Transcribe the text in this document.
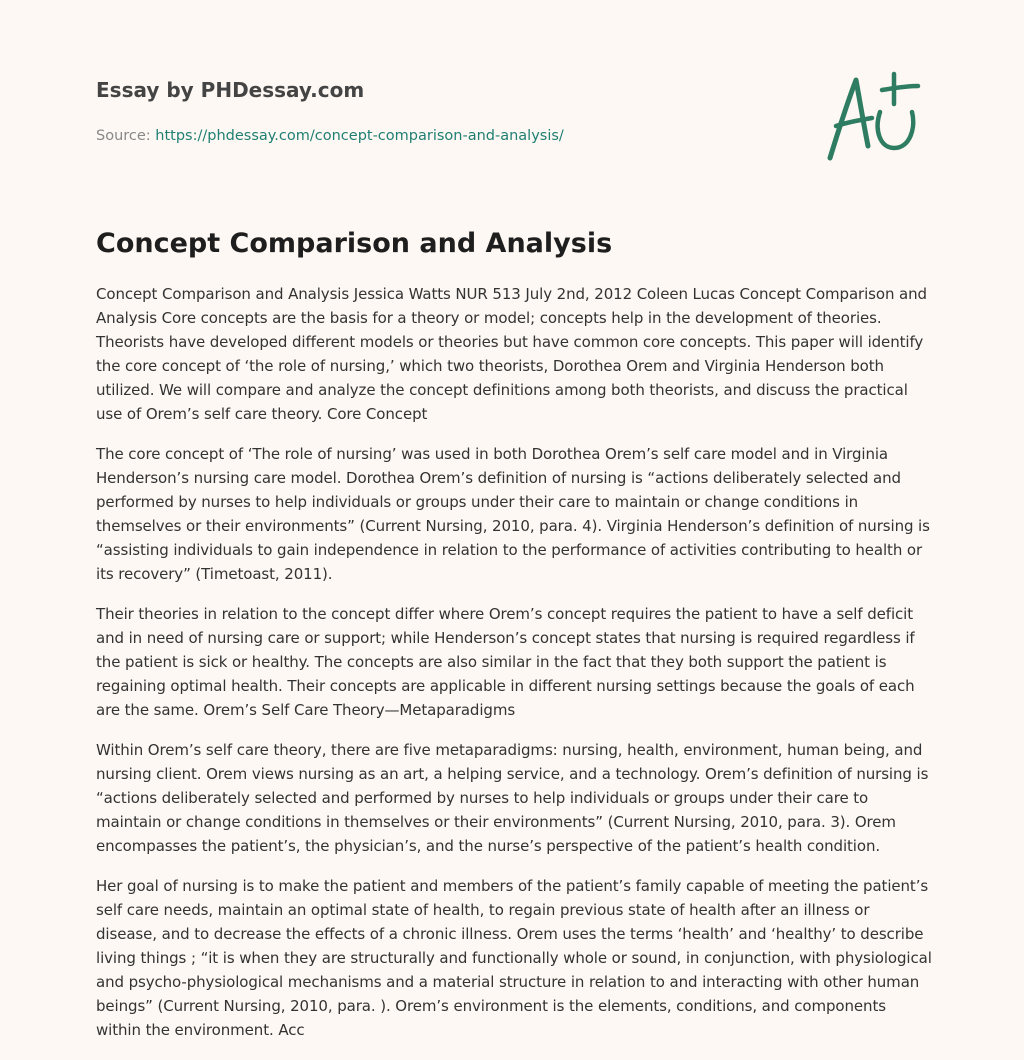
Essay by PHDessay.com
Source: https://phdessay.com/concept-comparison-and-analysis/
Concept Comparison and Analysis

Concept Comparison and Analysis Jessica Watts NUR 513 July 2nd, 2012 Coleen Lucas Concept Comparison and Analysis Core concepts are the basis for a theory or model; concepts help in the development of theories. Theorists have developed different models or theories but have common core concepts. This paper will identify the core concept of ‘the role of nursing,’ which two theorists, Dorothea Orem and Virginia Henderson both utilized. We will compare and analyze the concept definitions among both theorists, and discuss the practical use of Orem’s self care theory. Core Concept

The core concept of ‘The role of nursing’ was used in both Dorothea Orem’s self care model and in Virginia Henderson’s nursing care model. Dorothea Orem’s definition of nursing is “actions deliberately selected and performed by nurses to help individuals or groups under their care to maintain or change conditions in themselves or their environments” (Current Nursing, 2010, para. 4). Virginia Henderson’s definition of nursing is “assisting individuals to gain independence in relation to the performance of activities contributing to health or its recovery” (Timetoast, 2011).

Their theories in relation to the concept differ where Orem’s concept requires the patient to have a self deficit and in need of nursing care or support; while Henderson’s concept states that nursing is required regardless if the patient is sick or healthy. The concepts are also similar in the fact that they both support the patient is regaining optimal health. Their concepts are applicable in different nursing settings because the goals of each are the same. Orem’s Self Care Theory—Metaparadigms

Within Orem’s self care theory, there are five metaparadigms: nursing, health, environment, human being, and nursing client. Orem views nursing as an art, a helping service, and a technology. Orem’s definition of nursing is “actions deliberately selected and performed by nurses to help individuals or groups under their care to maintain or change conditions in themselves or their environments” (Current Nursing, 2010, para. 3). Orem encompasses the patient’s, the physician’s, and the nurse’s perspective of the patient’s health condition.

Her goal of nursing is to make the patient and members of the patient’s family capable of meeting the patient’s self care needs, maintain an optimal state of health, to regain previous state of health after an illness or disease, and to decrease the effects of a chronic illness. Orem uses the terms ‘health’ and ‘healthy’ to describe living things ; “it is when they are structurally and functionally whole or sound, in conjunction, with physiological and psycho-physiological mechanisms and a material structure in relation to and interacting with other human beings” (Current Nursing, 2010, para. ). Orem’s environment is the elements, conditions, and components within the environment. Acc
